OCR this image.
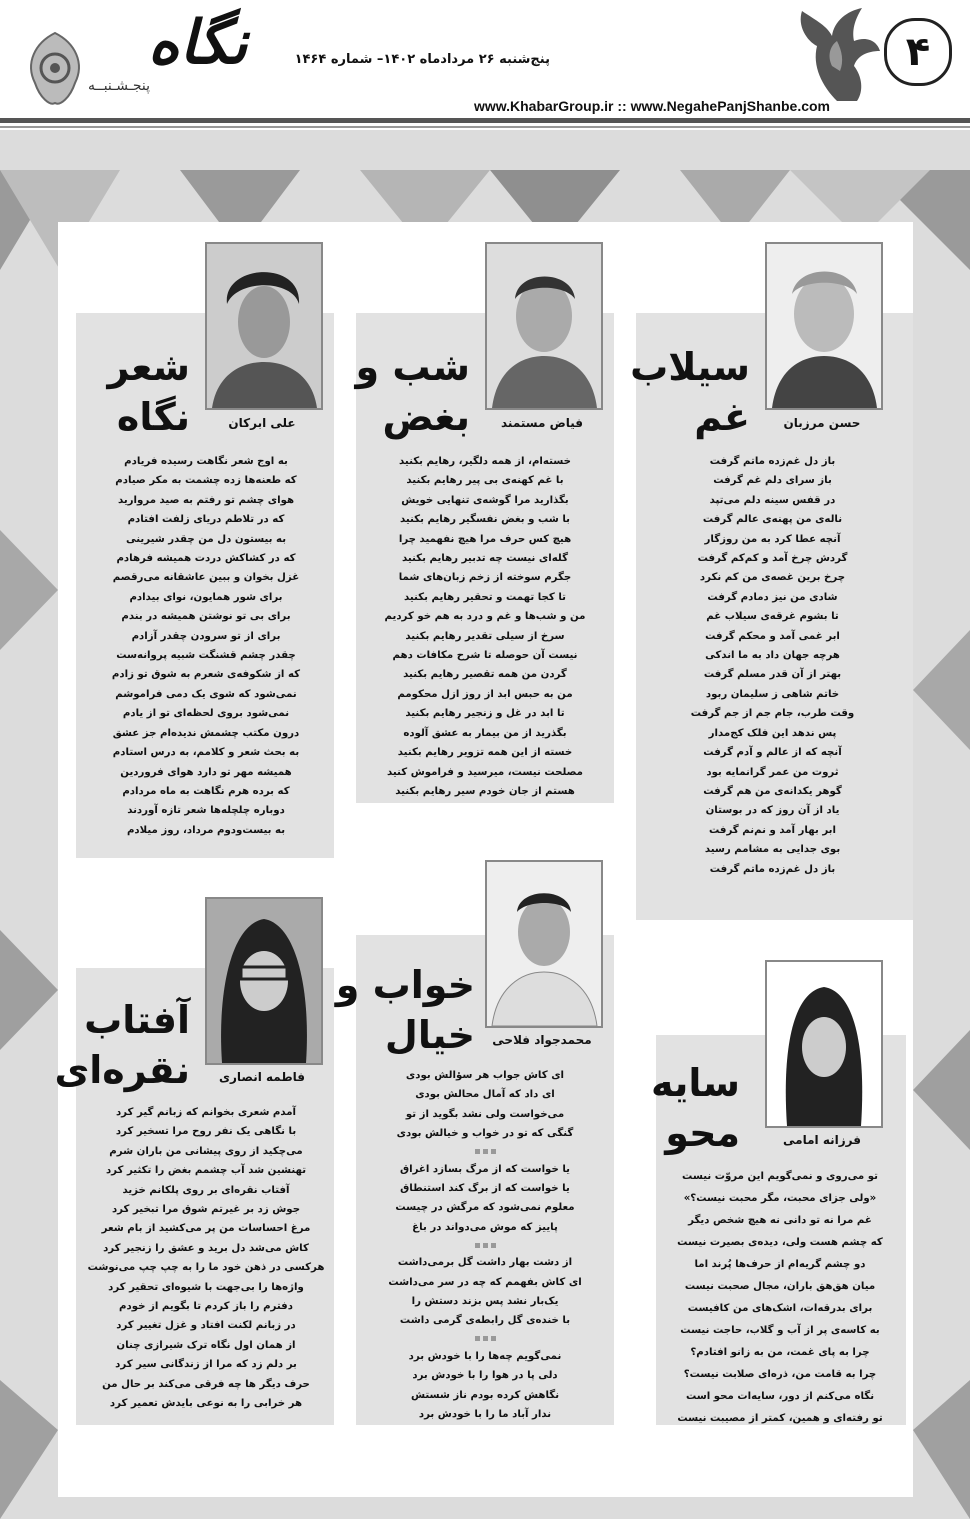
۴
پنج‌شنبه ۲۶ مرداد‌ماه ۱۴۰۲– شماره ۱۴۶۴
www.KhabarGroup.ir :: www.NegahePanjShanbe.com
نگاه
پنجـشـنبــه
حسن مرزبان
سیلاب
غم
باز دل غم‌زده ماتم گرفت
باز سرای دلم غم گرفت
در قفس سینه دلم می‌تپد
ناله‌ی من پهنه‌ی عالم گرفت
آنچه عطا کرد به من روزگار
گردش چرخ آمد و کم‌کم گرفت
چرخ برین غصه‌ی من کم نکرد
شادی من نیز دمادم گرفت
تا بشوم غرقه‌ی سیلاب غم
ابر غمی آمد و محکم گرفت
هرچه جهان داد به ما اندکی
بهتر از آن قدر مسلم گرفت
خاتم شاهی ز سلیمان ربود
وقت طرب، جام جم از جم گرفت
پس ندهد این فلک کج‌مدار
آنچه که از عالم و آدم گرفت
ثروت من عمر گرانمایه بود
گوهر یکدانه‌ی من هم گرفت
یاد از آن روز که در بوستان
ابر بهار آمد و نم‌نم گرفت
بوی جدایی به مشامم رسید
باز دل غم‌زده ماتم گرفت
فیاض مستمند
شب و
بغض
خسته‌ام، از همه دلگیر، رهایم بکنید
با غم کهنه‌ی بی پیر رهایم بکنید
بگذارید مرا گوشه‌ی تنهایی خویش
با شب و بغض نفسگیر رهایم بکنید
هیچ کس حرف مرا هیچ نفهمید چرا
گله‌ای نیست چه تدبیر رهایم بکنید
جگرم سوخته از زخم زبان‌های شما
تا کجا تهمت و تحقیر رهایم بکنید
من و شب‌ها و غم و درد به هم خو کردیم
سرخ از سیلی تقدیر رهایم بکنید
نیست آن حوصله تا شرح مکافات دهم
گردن من همه تقصیر رهایم بکنید
من به حبس ابد از روز ازل محکومم
تا ابد در غل و زنجیر رهایم بکنید
بگذرید از من بیمار به عشق آلوده
خسته از این همه تزویر رهایم بکنید
مصلحت نیست، میرسید و فراموش کنید
هستم از جان خودم سیر رهایم بکنید
علی ابرکان
شعر
نگاه
به اوج شعر نگاهت رسیده فریادم
که طعنه‌ها زده چشمت به مکر صیادم
هوای چشم تو رفتم به صید مروارید
که در تلاطم دریای زلفت افتادم
به بیستون دل من چقدر شیرینی
که در کشاکش دردت همیشه فرهادم
غزل بخوان و ببین عاشقانه می‌رقصم
برای شور همایون، نوای بیدادم
برای بی تو نوشتن همیشه در بندم
برای از تو سرودن چقدر آزادم
چقدر چشم قشنگت شبیه پروانه‌ست
که از شکوفه‌ی شعرم به شوق تو زادم
نمی‌شود که شوی یک دمی فراموشم
نمی‌شود بروی لحظه‌ای تو از یادم
درون مکتب چشمش ندیده‌ام جز عشق
به بحث شعر و کلامم، به درس استادم
همیشه مهر تو دارد هوای فروردین
که برده هرم نگاهت به ماه مردادم
دوباره چلچله‌ها شعر تازه آوردند
به بیست‌ودوم مرداد، روز میلادم
فرزانه امامی
سایه
محو
تو می‌روی و نمی‌گویم این مروّت نیست
«ولی جزای محبت، مگر محبت نیست؟»
غم مرا نه تو دانی نه هیچ شخص دیگر
که چشم هست ولی، دیده‌ی بصیرت نیست
دو چشم گریه‌ام از حرف‌ها پُرند اما
میان هق‌هق باران، مجال صحبت نیست
برای بدرقه‌ات، اشک‌های من کافیست
به کاسه‌ی پر از آب و گلاب، حاجت نیست
چرا به پای غمت، من به زانو افتادم؟
چرا به قامت من، ذره‌ای صلابت نیست؟
نگاه می‌کنم از دور، سایه‌ات محو است
تو رفته‌ای و همین، کمتر از مصیبت نیست
محمدجواد فلاحی
خواب و
خیال
ای کاش جواب هر سؤالش بودی
ای داد که آمال محالش بودی
می‌خواست ولی نشد بگوید از تو
گنگی که تو در خواب و خیالش بودی
یا خواست که از مرگ بسازد اغراق
یا خواست که از برگ کند استنطاق
معلوم نمی‌شود که مرگش در چیست
پاییز که موش می‌دواند در باغ
از دشت بهار داشت گل برمی‌داشت
ای کاش بفهمم که چه در سر می‌داشت
یک‌بار نشد پس بزند دستش را
با خنده‌ی گل رابطه‌ی گرمی داشت
نمی‌گویم چه‌ها را با خودش برد
دلی پا در هوا را با خودش برد
نگاهش کرده بودم ناز شستش
ندار آباد ما را با خودش برد
فاطمه انصاری
آفتاب
نقره‌ای
آمدم شعری بخوانم که زبانم گیر کرد
با نگاهی یک نفر روح مرا تسخیر کرد
می‌چکید از روی پیشانی من باران شرم
تهنشین شد آب چشمم بغض را تکثیر کرد
آفتاب نقره‌ای بر روی پلکانم خزید
جوش زد بر غیرتم شوق مرا تبخیر کرد
مرغ احساسات من پر می‌کشید از بام شعر
کاش می‌شد دل برید و عشق را زنجیر کرد
هرکسی در ذهن خود ما را به چپ چپ می‌نوشت
واژه‌ها را بی‌جهت با شیوه‌ای تحقیر کرد
دفترم را باز کردم تا بگویم از خودم
در زبانم لکنت افتاد و غزل تغییر کرد
از همان اول نگاه ترک شیرازی چنان
بر دلم زد که مرا از زندگانی سیر کرد
حرف دیگر ها چه فرقی می‌کند بر حال من
هر خرابی را به نوعی بایدش تعمیر کرد
